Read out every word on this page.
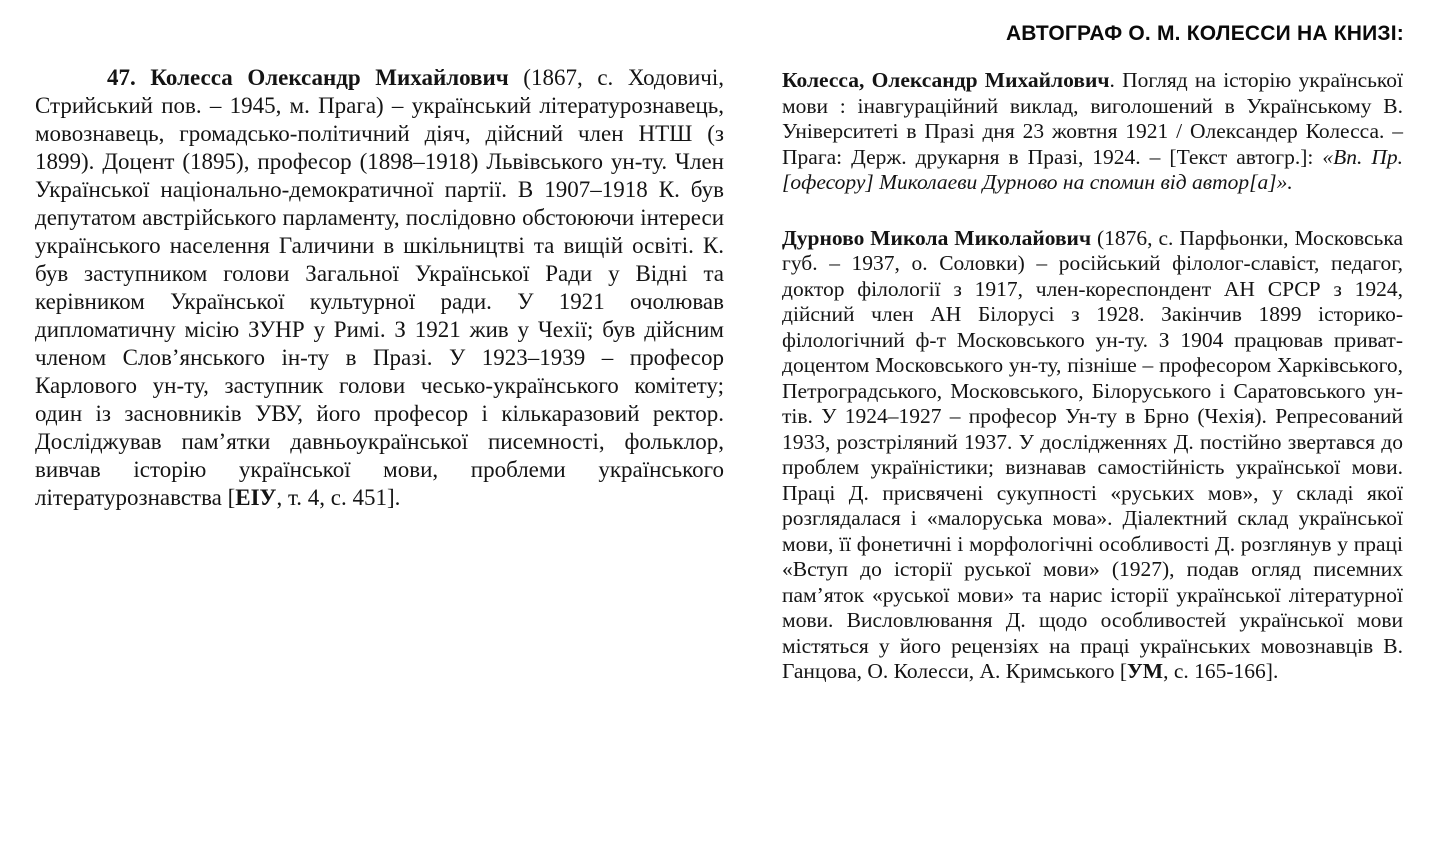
АВТОГРАФ О. М. КОЛЕССИ НА КНИЗІ:

47. Колесса Олександр Михайлович (1867, с. Ходовичі, Стрийський пов. – 1945, м. Прага) – український літературознавець, мовознавець, громадсько-політичний діяч, дійсний член НТШ (з 1899). Доцент (1895), професор (1898–1918) Львівського ун-ту. Член Української національно-демократичної партії. В 1907–1918 К. був депутатом австрійського парламенту, послідовно обстоюючи інтереси українського населення Галичини в шкільництві та вищій освіті. К. був заступником голови Загальної Української Ради у Відні та керівником Української культурної ради. У 1921 очолював дипломатичну місію ЗУНР у Римі. З 1921 жив у Чехії; був дійсним членом Слов’янського ін-ту в Празі. У 1923–1939 – професор Карлового ун-ту, заступник голови чесько-українського комітету; один із засновників УВУ, його професор і кількаразовий ректор. Досліджував пам’ятки давньоукраїнської писемності, фольклор, вивчав історію української мови, проблеми українського літературознавства [ЕІУ, т. 4, с. 451].

Колесса, Олександр Михайлович. Погляд на історію української мови : інавгураційний виклад, виголошений в Українському В. Університеті в Празі дня 23 жовтня 1921 / Олександер Колесса. – Прага: Держ. друкарня в Празі, 1924. – [Текст автогр.]: «Вп. Пр.[офесору] Миколаеви Дурново на спомин від автор[а]».

Дурново Микола Миколайович (1876, с. Парфьонки, Московська губ. – 1937, о. Соловки) – російський філолог-славіст, педагог, доктор філології з 1917, член-кореспондент АН СРСР з 1924, дійсний член АН Білорусі з 1928. Закінчив 1899 історико-філологічний ф-т Московського ун-ту. З 1904 працював приват-доцентом Московського ун-ту, пізніше – професором Харківського, Петроградського, Московського, Білоруського і Саратовського ун-тів. У 1924–1927 – професор Ун-ту в Брно (Чехія). Репресований 1933, розстріляний 1937. У дослідженнях Д. постійно звертався до проблем україністики; визнавав самостійність української мови. Праці Д. присвячені сукупності «руських мов», у складі якої розглядалася і «малоруська мова». Діалектний склад української мови, її фонетичні і морфологічні особливості Д. розглянув у праці «Вступ до історії руської мови» (1927), подав огляд писемних пам’яток «руської мови» та нарис історії української літературної мови. Висловлювання Д. щодо особливостей української мови містяться у його рецензіях на праці українських мовознавців В. Ганцова, О. Колесси, А. Кримського [УМ, с. 165-166].
